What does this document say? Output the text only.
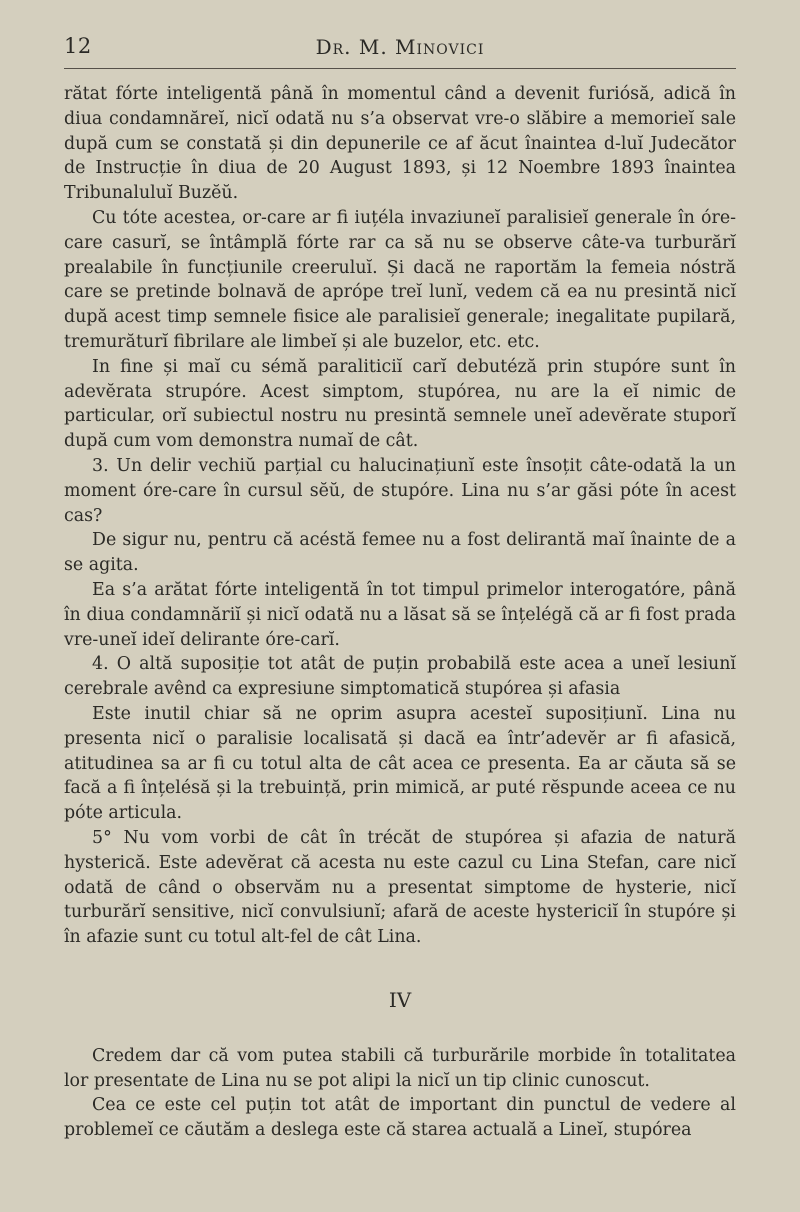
12	Dr. M. Minovici

rătat fórte inteligentă până în momentul când a devenit furiósă, adică în diua condamnăreĭ, nicĭ odată nu s’a observat vre-o slăbire a memorieĭ sale după cum se constată și din depunerile ce af ăcut înaintea d-luĭ Judecător de Instrucție în diua de 20 August 1893, și 12 Noembre 1893 înaintea Tribunaluluĭ Buzĕŭ.

Cu tóte acestea, or-care ar fi iuțéla invazіuneĭ paralisieĭ generale în óre-care casurĭ, se întâmplă fórte rar ca să nu se observe câte-va turburărĭ prealabile în funcțiunile creeruluĭ. Și dacă ne raportăm la femeia nóstră care se pretinde bolnavă de aprópe treĭ lunĭ, vedem că ea nu presintă nicĭ după acest timp semnele fisice ale paralisieĭ generale; inegalitate pupilară, tremurăturĭ fibrilare ale limbeĭ și ale buzelor, etc. etc.

In fine și maĭ cu sémă paraliticiĭ carĭ debutéză prin stupóre sunt în adevĕrata strupóre. Acest simptom, stupórea, nu are la eĭ nimic de particular, orĭ subiectul nostru nu presintă semnele uneĭ adevĕrate stuporĭ după cum vom demonstra numaĭ de cât.

3. Un delir vechiŭ parțial cu halucinațiunĭ este însoțit câte-odată la un moment óre-care în cursul sĕŭ, de stupóre. Lina nu s’ar găsi póte în acest cas?

De sigur nu, pentru că acéstă femee nu a fost delirantă maĭ înainte de a se agita.

Ea s’a arătat fórte inteligentă în tot timpul primelor interogatóre, până în diua condamnăriĭ și nicĭ odată nu a lăsat să se înțelégă că ar fi fost prada vre-uneĭ ideĭ delirante óre-carĭ.

4. O altă suposiție tot atât de puțin probabilă este acea a uneĭ lesiunĭ cerebrale avênd ca expresiune simptomatică stupórea și afasia

Este inutil chiar să ne oprim asupra acesteĭ suposițiunĭ. Lina nu presenta nicĭ o paralisie localisată și dacă ea într’adevĕr ar fi afasică, atitudinea sa ar fi cu totul alta de cât acea ce presenta. Ea ar căuta să se facă a fi înțelésă și la trebuință, prin mimică, ar puté rĕspunde aceea ce nu póte articula.

5° Nu vom vorbi de cât în trécăt de stupórea și afazia de natură hysterică. Este adevĕrat că acesta nu este cazul cu Lina Stefan, care nicĭ odată de când o observăm nu a presentat simptome de hysterie, nicĭ turburărĭ sensitive, nicĭ convulsiunĭ; afară de aceste hystericiĭ în stupóre și în afazie sunt cu totul alt-fel de cât Lina.

IV

Credem dar că vom putea stabili că turburările morbide în totalitatea lor presentate de Lina nu se pot alipi la nicĭ un tip clinic cunoscut.

Cea ce este cel puțin tot atât de important din punctul de vedere al problemeĭ ce căutăm a deslega este că starea actuală a Lineĭ, stupórea
